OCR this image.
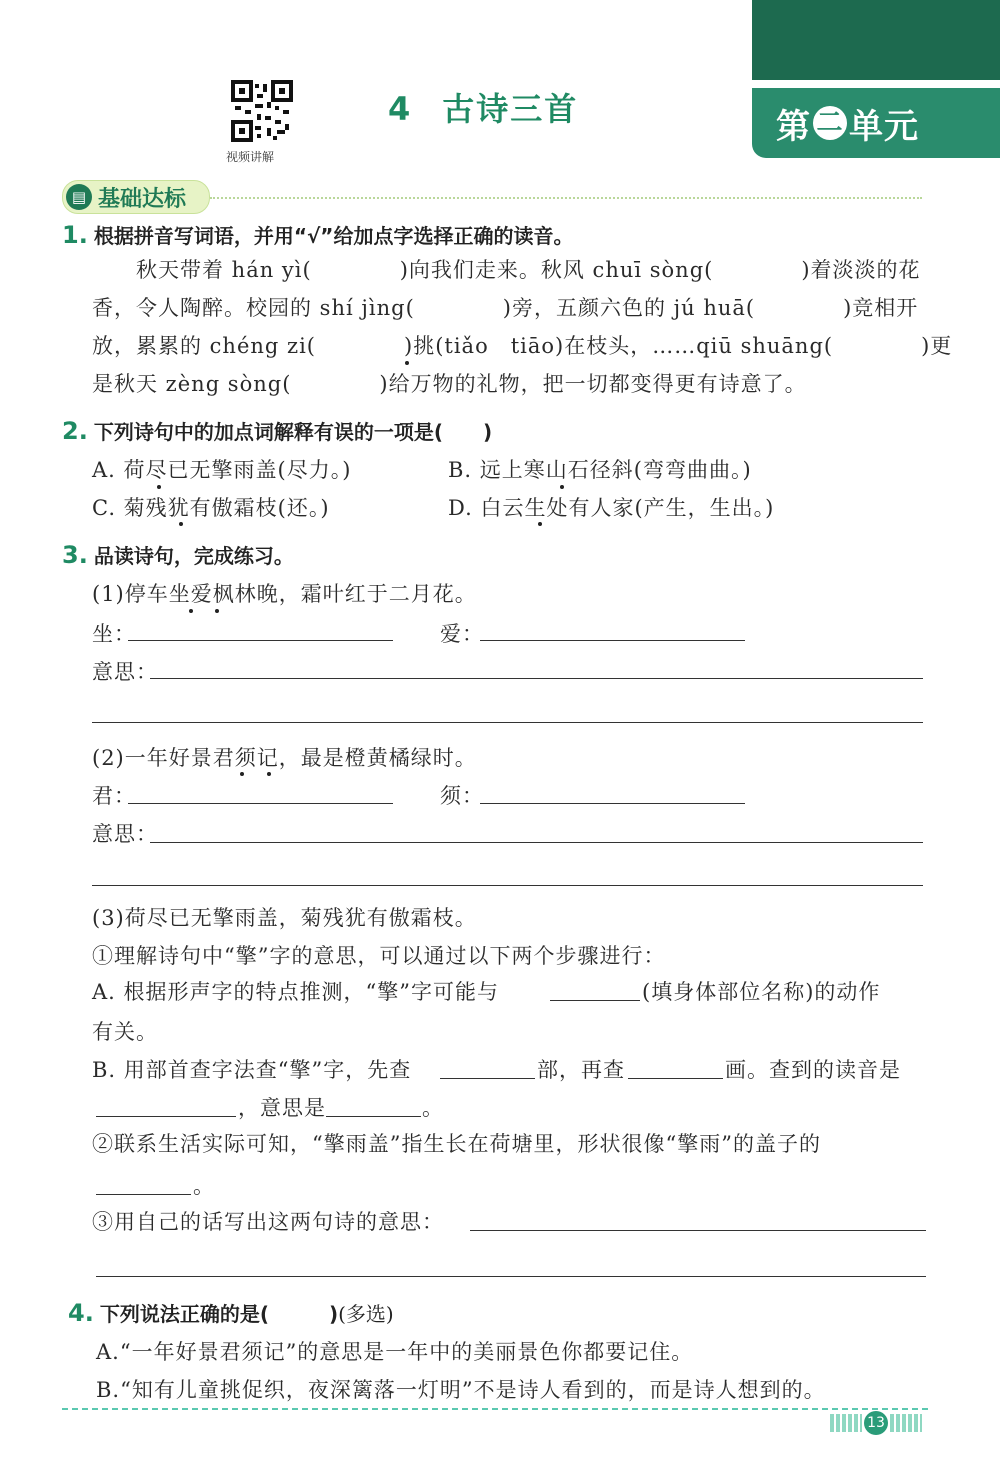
第 二 单元
视频讲解
4 古诗三首
▤ 基础达标
1. 根据拼音写词语，并用“√”给加点字选择正确的读音。
秋天带着 hán yì(　　　　)向我们走来。秋风 chuī sòng(　　　　)着淡淡的花
香，令人陶醉。校园的 shí jìng(　　　　)旁，五颜六色的 jú huā(　　　　)竞相开
放，累累的 chéng zi(　　　　)挑(tiǎo　tiāo)在枝头，……qiū shuāng(　　　　)更
是秋天 zèng sòng(　　　　)给万物的礼物，把一切都变得更有诗意了。
2. 下列诗句中的加点词解释有误的一项是(　　)
A. 荷尽已无擎雨盖(尽力。)	B. 远上寒山石径斜(弯弯曲曲。)
C. 菊残犹有傲霜枝(还。)	D. 白云生处有人家(产生，生出。)
3. 品读诗句，完成练习。
(1)停车坐爱枫林晚，霜叶红于二月花。
坐：	爱：
意思：
(2)一年好景君须记，最是橙黄橘绿时。
君：	须：
意思：
(3)荷尽已无擎雨盖，菊残犹有傲霜枝。
①理解诗句中“擎”字的意思，可以通过以下两个步骤进行：
A. 根据形声字的特点推测，“擎”字可能与	(填身体部位名称)的动作
有关。
B. 用部首查字法查“擎”字，先查	部，再查	画。查到的读音是
，意思是	。
②联系生活实际可知，“擎雨盖”指生长在荷塘里，形状很像“擎雨”的盖子的
。
③用自己的话写出这两句诗的意思：
4. 下列说法正确的是(　　　)(多选)
A.“一年好景君须记”的意思是一年中的美丽景色你都要记住。
B.“知有儿童挑促织，夜深篱落一灯明”不是诗人看到的，而是诗人想到的。
13
